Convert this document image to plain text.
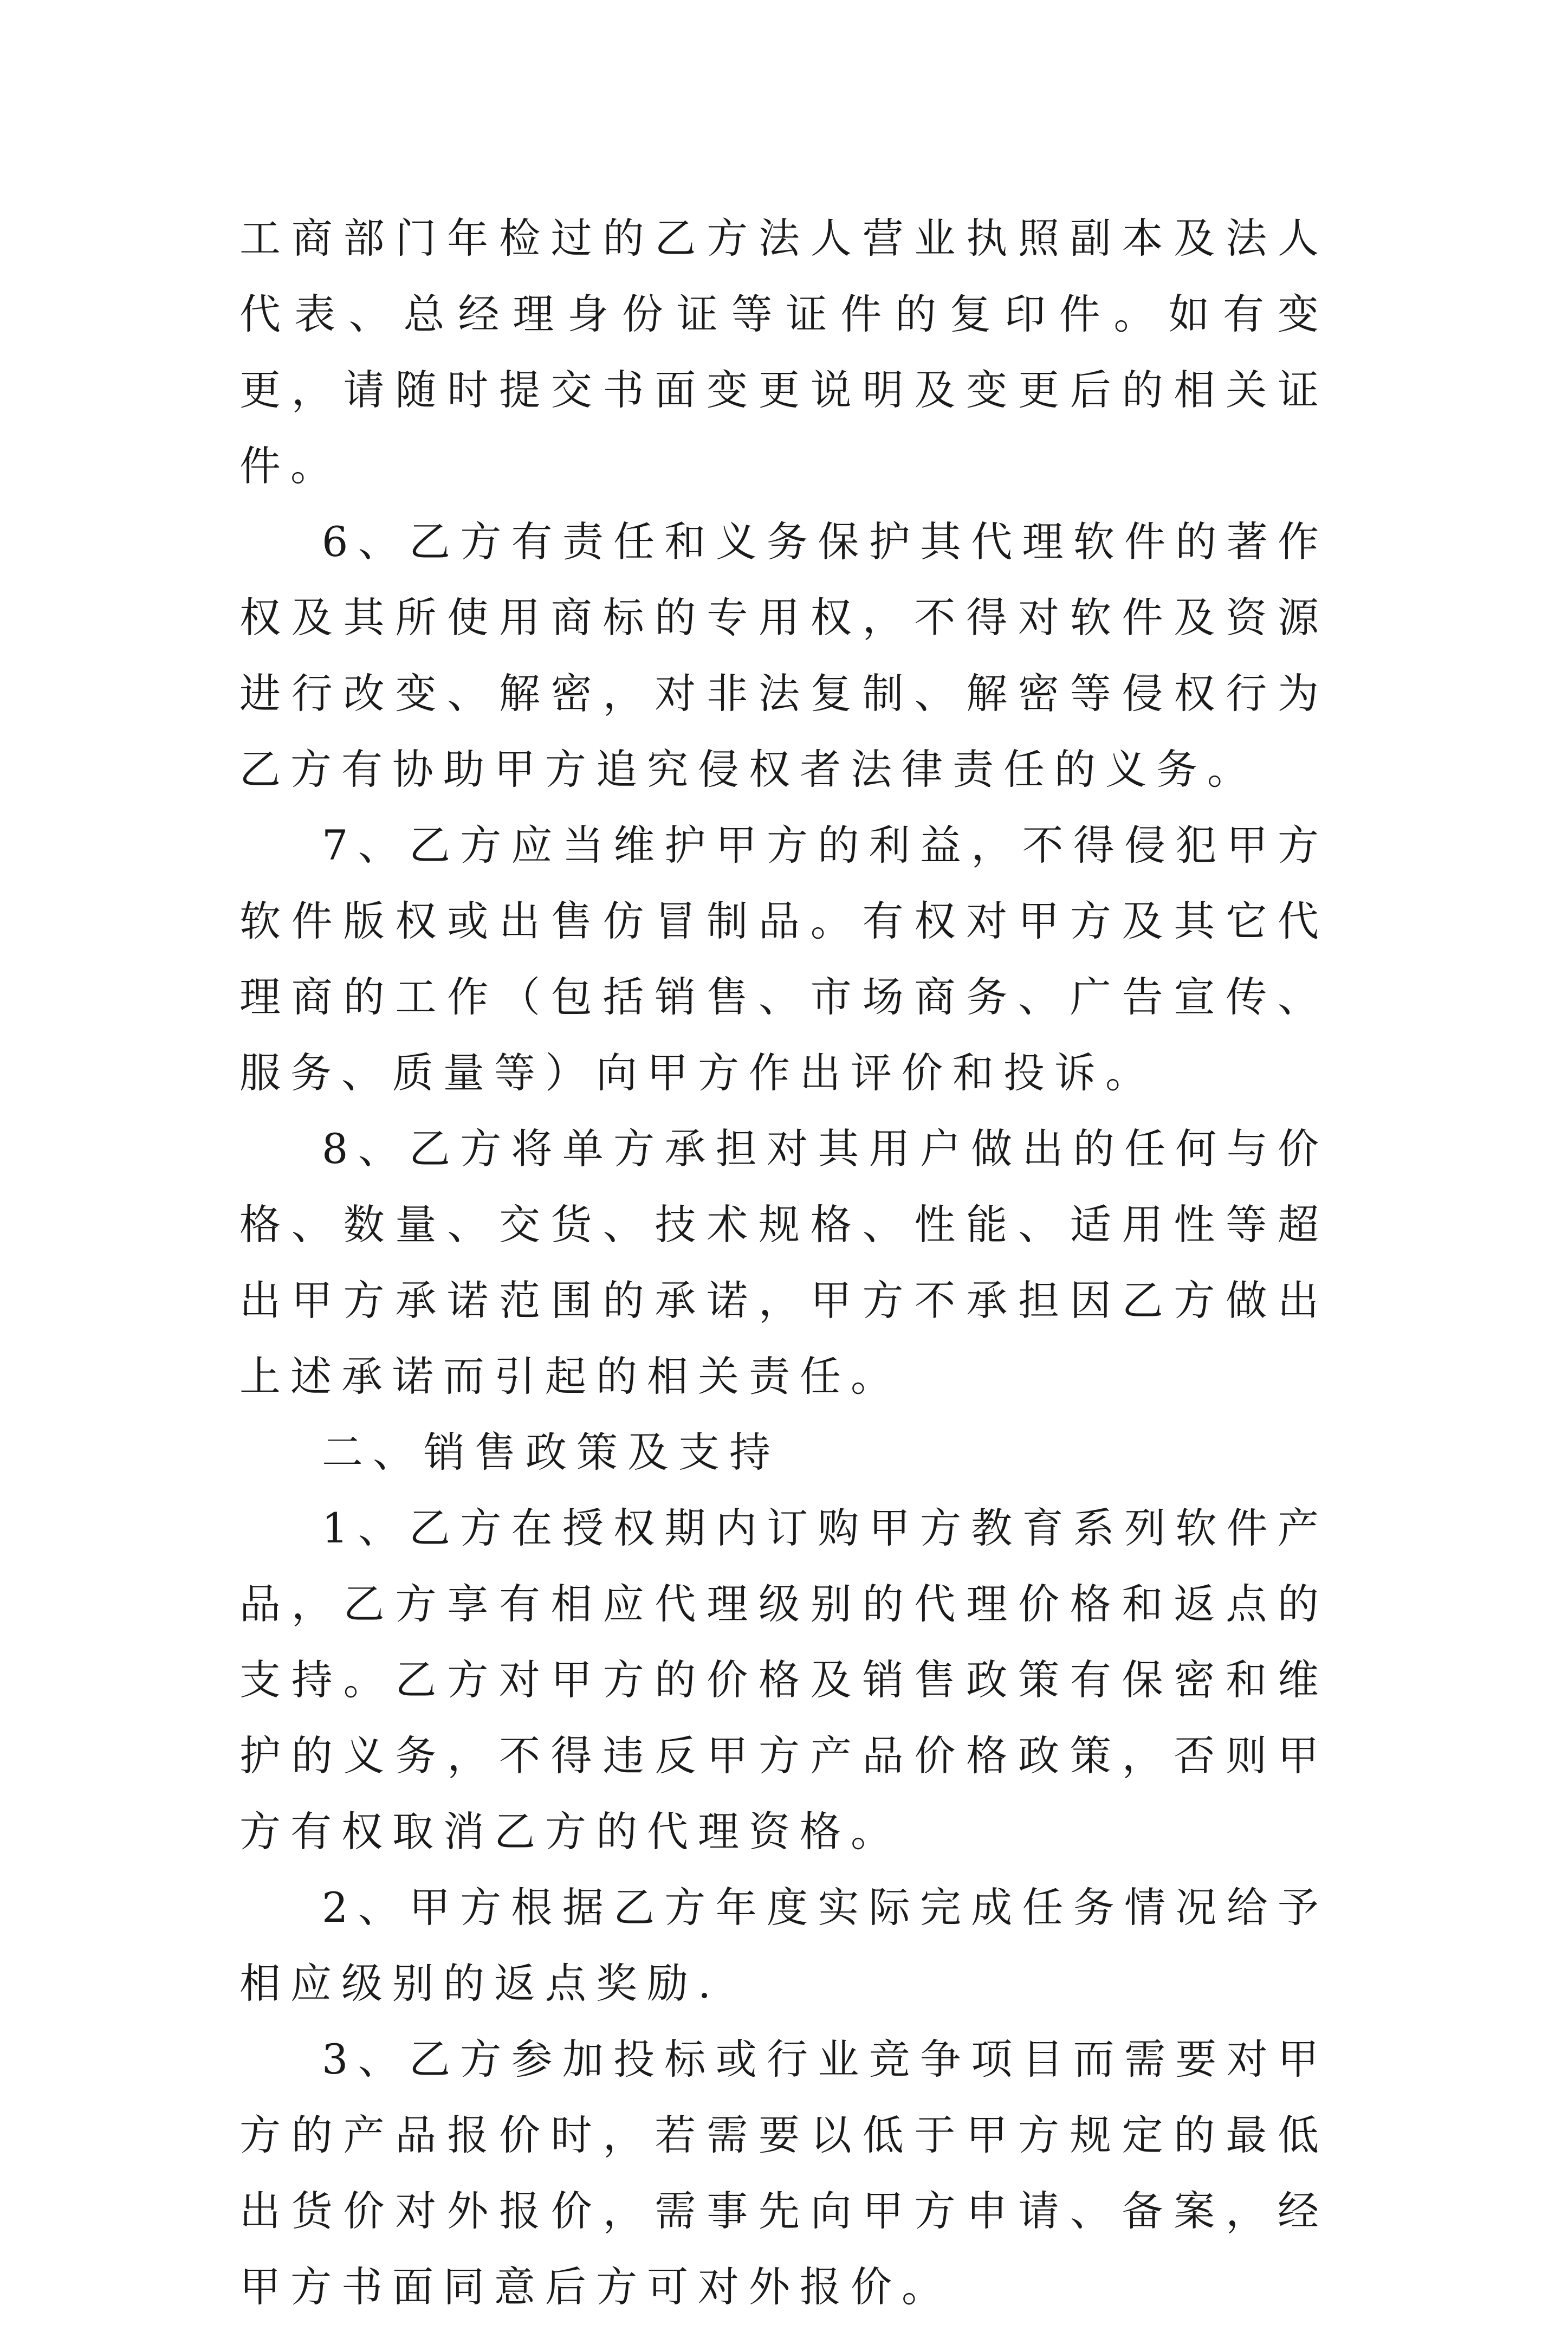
工商部门年检过的乙方法人营业执照副本及法人代表、总经理身份证等证件的复印件。如有变更，请随时提交书面变更说明及变更后的相关证件。

6、乙方有责任和义务保护其代理软件的著作权及其所使用商标的专用权，不得对软件及资源进行改变、解密，对非法复制、解密等侵权行为乙方有协助甲方追究侵权者法律责任的义务。

7、乙方应当维护甲方的利益，不得侵犯甲方软件版权或出售仿冒制品。有权对甲方及其它代理商的工作（包括销售、市场商务、广告宣传、服务、质量等）向甲方作出评价和投诉。

8、乙方将单方承担对其用户做出的任何与价格、数量、交货、技术规格、性能、适用性等超出甲方承诺范围的承诺，甲方不承担因乙方做出上述承诺而引起的相关责任。

二、销售政策及支持

1、乙方在授权期内订购甲方教育系列软件产品，乙方享有相应代理级别的代理价格和返点的支持。乙方对甲方的价格及销售政策有保密和维护的义务，不得违反甲方产品价格政策，否则甲方有权取消乙方的代理资格。

2、甲方根据乙方年度实际完成任务情况给予相应级别的返点奖励.

3、乙方参加投标或行业竞争项目而需要对甲方的产品报价时，若需要以低于甲方规定的最低出货价对外报价，需事先向甲方申请、备案，经甲方书面同意后方可对外报价。
